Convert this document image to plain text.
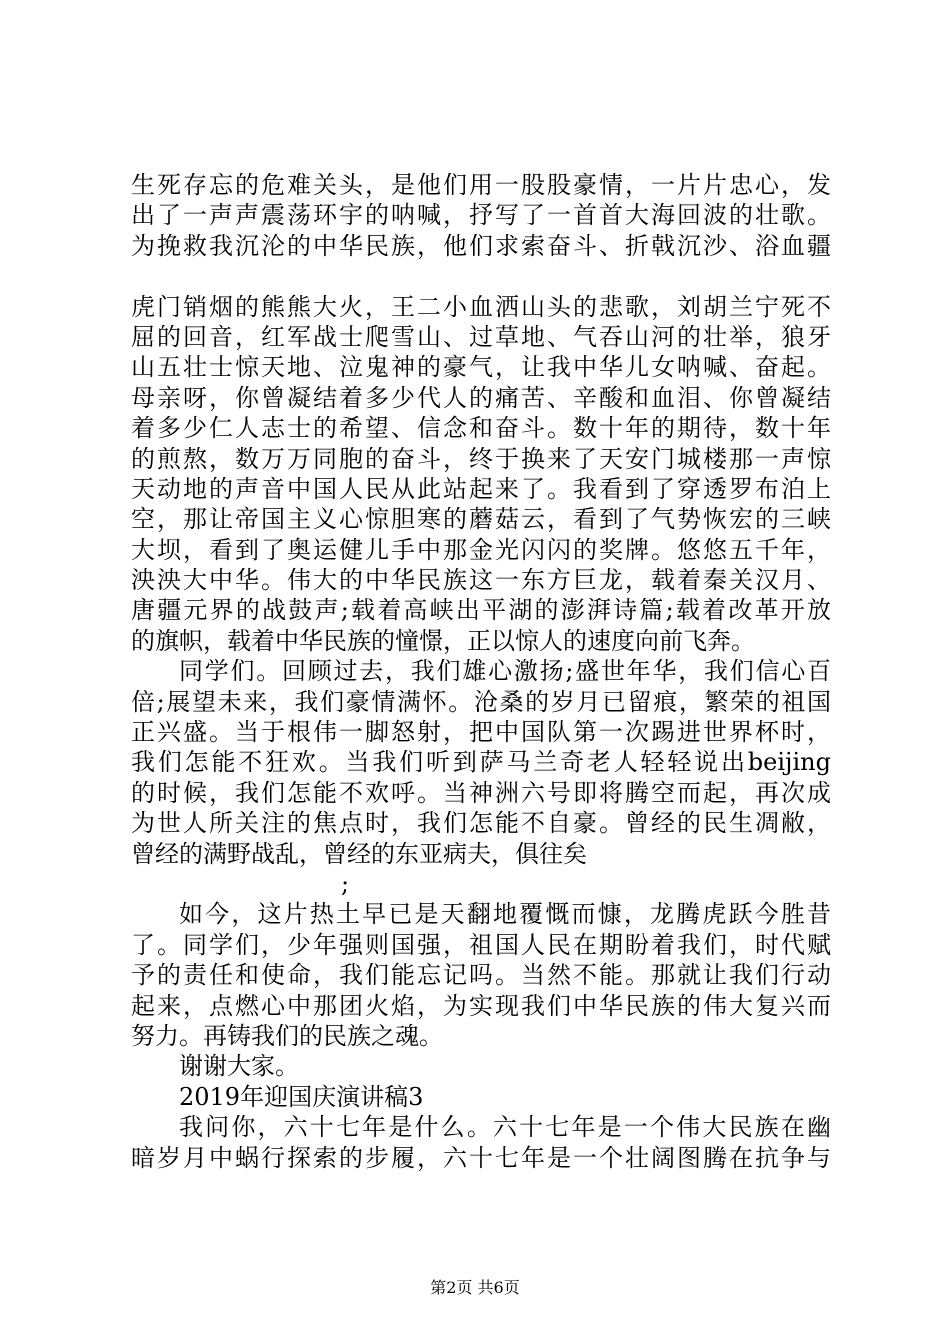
生死存忘的危难关头，是他们用一股股豪情，一片片忠心，发
出了一声声震荡环宇的呐喊，抒写了一首首大海回波的壮歌。
为挽救我沉沦的中华民族，他们求索奋斗、折戟沉沙、浴血疆

虎门销烟的熊熊大火，王二小血洒山头的悲歌，刘胡兰宁死不
屈的回音，红军战士爬雪山、过草地、气吞山河的壮举，狼牙
山五壮士惊天地、泣鬼神的豪气，让我中华儿女呐喊、奋起。
母亲呀，你曾凝结着多少代人的痛苦、辛酸和血泪、你曾凝结
着多少仁人志士的希望、信念和奋斗。数十年的期待，数十年
的煎熬，数万万同胞的奋斗，终于换来了天安门城楼那一声惊
天动地的声音中国人民从此站起来了。我看到了穿透罗布泊上
空，那让帝国主义心惊胆寒的蘑菇云，看到了气势恢宏的三峡
大坝，看到了奥运健儿手中那金光闪闪的奖牌。悠悠五千年，
泱泱大中华。伟大的中华民族这一东方巨龙，载着秦关汉月、
唐疆元界的战鼓声;载着高峡出平湖的澎湃诗篇;载着改革开放
的旗帜，载着中华民族的憧憬，正以惊人的速度向前飞奔。
同学们。回顾过去，我们雄心激扬;盛世年华，我们信心百
倍;展望未来，我们豪情满怀。沧桑的岁月已留痕，繁荣的祖国
正兴盛。当于根伟一脚怒射，把中国队第一次踢进世界杯时，
我们怎能不狂欢。当我们听到萨马兰奇老人轻轻说出beijing
的时候，我们怎能不欢呼。当神洲六号即将腾空而起，再次成
为世人所关注的焦点时，我们怎能不自豪。曾经的民生凋敝，
曾经的满野战乱，曾经的东亚病夫，俱往矣
;
如今，这片热土早已是天翻地覆慨而慷，龙腾虎跃今胜昔
了。同学们，少年强则国强，祖国人民在期盼着我们，时代赋
予的责任和使命，我们能忘记吗。当然不能。那就让我们行动
起来，点燃心中那团火焰，为实现我们中华民族的伟大复兴而
努力。再铸我们的民族之魂。
谢谢大家。
2019年迎国庆演讲稿3
我问你，六十七年是什么。六十七年是一个伟大民族在幽
暗岁月中蜗行探索的步履，六十七年是一个壮阔图腾在抗争与
第2页 共6页
